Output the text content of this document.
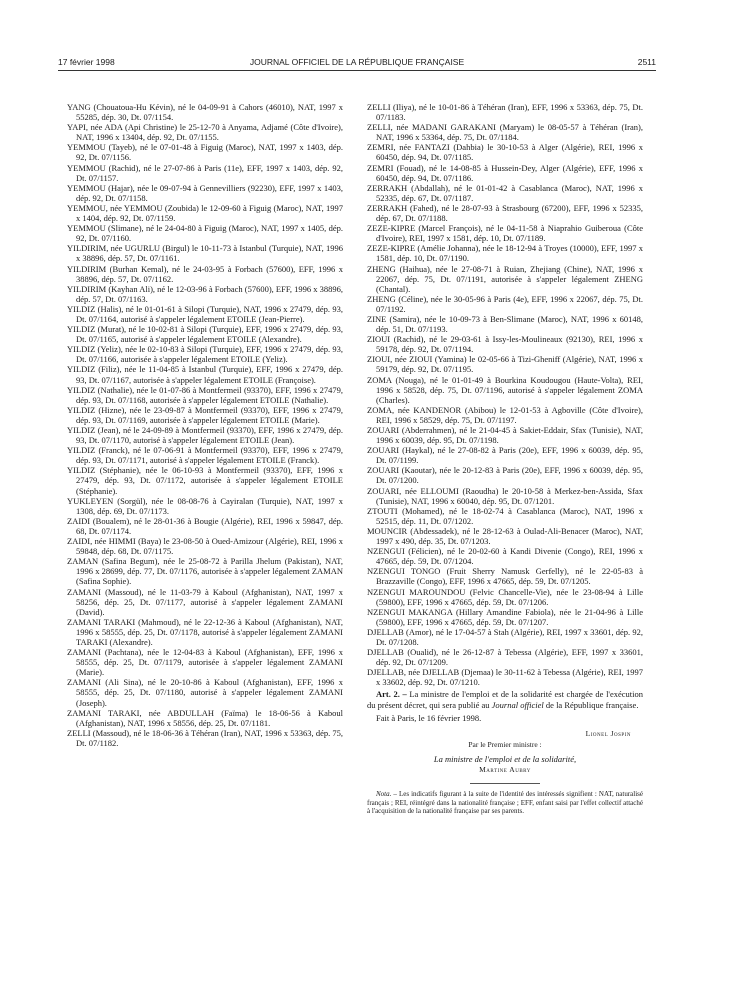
17 février 1998	JOURNAL OFFICIEL DE LA RÉPUBLIQUE FRANÇAISE	2511

YANG (Chouatoua-Hu Kévin), né le 04-09-91 à Cahors (46010), NAT, 1997 x 55285, dép. 30, Dt. 07/1154.

YAPI, née ADA (Api Christine) le 25-12-70 à Anyama, Adjamé (Côte d'Ivoire), NAT, 1996 x 13404, dép. 92, Dt. 07/1155.

YEMMOU (Tayeb), né le 07-01-48 à Figuig (Maroc), NAT, 1997 x 1403, dép. 92, Dt. 07/1156.

YEMMOU (Rachid), né le 27-07-86 à Paris (11e), EFF, 1997 x 1403, dép. 92, Dt. 07/1157.

YEMMOU (Hajar), née le 09-07-94 à Gennevilliers (92230), EFF, 1997 x 1403, dép. 92, Dt. 07/1158.

YEMMOU, née YEMMOU (Zoubida) le 12-09-60 à Figuig (Maroc), NAT, 1997 x 1404, dép. 92, Dt. 07/1159.

YEMMOU (Slimane), né le 24-04-80 à Figuig (Maroc), NAT, 1997 x 1405, dép. 92, Dt. 07/1160.

YILDIRIM, née UGURLU (Birgul) le 10-11-73 à Istanbul (Turquie), NAT, 1996 x 38896, dép. 57, Dt. 07/1161.

YILDIRIM (Burhan Kemal), né le 24-03-95 à Forbach (57600), EFF, 1996 x 38896, dép. 57, Dt. 07/1162.

YILDIRIM (Kayhan Ali), né le 12-03-96 à Forbach (57600), EFF, 1996 x 38896, dép. 57, Dt. 07/1163.

YILDIZ (Halis), né le 01-01-61 à Silopi (Turquie), NAT, 1996 x 27479, dép. 93, Dt. 07/1164, autorisé à s'appeler légalement ETOILE (Jean-Pierre).

YILDIZ (Murat), né le 10-02-81 à Silopi (Turquie), EFF, 1996 x 27479, dép. 93, Dt. 07/1165, autorisé à s'appeler légalement ETOILE (Alexandre).

YILDIZ (Yeliz), née le 02-10-83 à Silopi (Turquie), EFF, 1996 x 27479, dép. 93, Dt. 07/1166, autorisée à s'appeler légalement ETOILE (Yeliz).

YILDIZ (Filiz), née le 11-04-85 à Istanbul (Turquie), EFF, 1996 x 27479, dép. 93, Dt. 07/1167, autorisée à s'appeler légalement ETOILE (Françoise).

YILDIZ (Nathalie), née le 01-07-86 à Montfermeil (93370), EFF, 1996 x 27479, dép. 93, Dt. 07/1168, autorisée à s'appeler légalement ETOILE (Nathalie).

YILDIZ (Hizne), née le 23-09-87 à Montfermeil (93370), EFF, 1996 x 27479, dép. 93, Dt. 07/1169, autorisée à s'appeler légalement ETOILE (Marie).

YILDIZ (Jean), né le 24-09-89 à Montfermeil (93370), EFF, 1996 x 27479, dép. 93, Dt. 07/1170, autorisé à s'appeler légalement ETOILE (Jean).

YILDIZ (Franck), né le 07-06-91 à Montfermeil (93370), EFF, 1996 x 27479, dép. 93, Dt. 07/1171, autorisé à s'appeler légalement ETOILE (Franck).

YILDIZ (Stéphanie), née le 06-10-93 à Montfermeil (93370), EFF, 1996 x 27479, dép. 93, Dt. 07/1172, autorisée à s'appeler légalement ETOILE (Stéphanie).

YUKLEYEN (Sorgül), née le 08-08-76 à Cayiralan (Turquie), NAT, 1997 x 1308, dép. 69, Dt. 07/1173.

ZAIDI (Boualem), né le 28-01-36 à Bougie (Algérie), REI, 1996 x 59847, dép. 68, Dt. 07/1174.

ZAIDI, née HIMMI (Baya) le 23-08-50 à Oued-Amizour (Algérie), REI, 1996 x 59848, dép. 68, Dt. 07/1175.

ZAMAN (Safina Begum), née le 25-08-72 à Parilla Jhelum (Pakistan), NAT, 1996 x 28699, dép. 77, Dt. 07/1176, autorisée à s'appeler légalement ZAMAN (Safina Sophie).

ZAMANI (Massoud), né le 11-03-79 à Kaboul (Afghanistan), NAT, 1997 x 58256, dép. 25, Dt. 07/1177, autorisé à s'appeler légalement ZAMANI (David).

ZAMANI TARAKI (Mahmoud), né le 22-12-36 à Kaboul (Afghanistan), NAT, 1996 x 58555, dép. 25, Dt. 07/1178, autorisé à s'appeler légalement ZAMANI TARAKI (Alexandre).

ZAMANI (Pachtana), née le 12-04-83 à Kaboul (Afghanistan), EFF, 1996 x 58555, dép. 25, Dt. 07/1179, autorisée à s'appeler légalement ZAMANI (Marie).

ZAMANI (Ali Sina), né le 20-10-86 à Kaboul (Afghanistan), EFF, 1996 x 58555, dép. 25, Dt. 07/1180, autorisé à s'appeler légalement ZAMANI (Joseph).

ZAMANI TARAKI, née ABDULLAH (Faïma) le 18-06-56 à Kaboul (Afghanistan), NAT, 1996 x 58556, dép. 25, Dt. 07/1181.

ZELLI (Massoud), né le 18-06-36 à Téhéran (Iran), NAT, 1996 x 53363, dép. 75, Dt. 07/1182.

ZELLI (Iliya), né le 10-01-86 à Téhéran (Iran), EFF, 1996 x 53363, dép. 75, Dt. 07/1183.

ZELLI, née MADANI GARAKANI (Maryam) le 08-05-57 à Téhéran (Iran), NAT, 1996 x 53364, dép. 75, Dt. 07/1184.

ZEMRI, née FANTAZI (Dahbia) le 30-10-53 à Alger (Algérie), REI, 1996 x 60450, dép. 94, Dt. 07/1185.

ZEMRI (Fouad), né le 14-08-85 à Hussein-Dey, Alger (Algérie), EFF, 1996 x 60450, dép. 94, Dt. 07/1186.

ZERRAKH (Abdallah), né le 01-01-42 à Casablanca (Maroc), NAT, 1996 x 52335, dép. 67, Dt. 07/1187.

ZERRAKH (Fahed), né le 28-07-93 à Strasbourg (67200), EFF, 1996 x 52335, dép. 67, Dt. 07/1188.

ZEZE-KIPRE (Marcel François), né le 04-11-58 à Niaprahio Guiberoua (Côte d'Ivoire), REI, 1997 x 1581, dép. 10, Dt. 07/1189.

ZEZE-KIPRE (Amélie Johanna), née le 18-12-94 à Troyes (10000), EFF, 1997 x 1581, dép. 10, Dt. 07/1190.

ZHENG (Haihua), née le 27-08-71 à Ruian, Zhejiang (Chine), NAT, 1996 x 22067, dép. 75, Dt. 07/1191, autorisée à s'appeler légalement ZHENG (Chantal).

ZHENG (Céline), née le 30-05-96 à Paris (4e), EFF, 1996 x 22067, dép. 75, Dt. 07/1192.

ZINE (Samira), née le 10-09-73 à Ben-Slimane (Maroc), NAT, 1996 x 60148, dép. 51, Dt. 07/1193.

ZIOUI (Rachid), né le 29-03-61 à Issy-les-Moulineaux (92130), REI, 1996 x 59178, dép. 92, Dt. 07/1194.

ZIOUI, née ZIOUI (Yamina) le 02-05-66 à Tizi-Gheniff (Algérie), NAT, 1996 x 59179, dép. 92, Dt. 07/1195.

ZOMA (Nouga), né le 01-01-49 à Bourkina Koudougou (Haute-Volta), REI, 1996 x 58528, dép. 75, Dt. 07/1196, autorisé à s'appeler légalement ZOMA (Charles).

ZOMA, née KANDENOR (Abibou) le 12-01-53 à Agboville (Côte d'Ivoire), REI, 1996 x 58529, dép. 75, Dt. 07/1197.

ZOUARI (Abderrahmen), né le 21-04-45 à Sakiet-Eddair, Sfax (Tunisie), NAT, 1996 x 60039, dép. 95, Dt. 07/1198.

ZOUARI (Haykal), né le 27-08-82 à Paris (20e), EFF, 1996 x 60039, dép. 95, Dt. 07/1199.

ZOUARI (Kaoutar), née le 20-12-83 à Paris (20e), EFF, 1996 x 60039, dép. 95, Dt. 07/1200.

ZOUARI, née ELLOUMI (Raoudha) le 20-10-58 à Merkez-ben-Assida, Sfax (Tunisie), NAT, 1996 x 60040, dép. 95, Dt. 07/1201.

ZTOUTI (Mohamed), né le 18-02-74 à Casablanca (Maroc), NAT, 1996 x 52515, dép. 11, Dt. 07/1202.

MOUNCIR (Abdessadek), né le 28-12-63 à Oulad-Ali-Benacer (Maroc), NAT, 1997 x 490, dép. 35, Dt. 07/1203.

NZENGUI (Félicien), né le 20-02-60 à Kandi Divenie (Congo), REI, 1996 x 47665, dép. 59, Dt. 07/1204.

NZENGUI TONGO (Fruit Sherry Namusk Gerfelly), né le 22-05-83 à Brazzaville (Congo), EFF, 1996 x 47665, dép. 59, Dt. 07/1205.

NZENGUI MAROUNDOU (Felvic Chancelle-Vie), née le 23-08-94 à Lille (59800), EFF, 1996 x 47665, dép. 59, Dt. 07/1206.

NZENGUI MAKANGA (Hillary Amandine Fabiola), née le 21-04-96 à Lille (59800), EFF, 1996 x 47665, dép. 59, Dt. 07/1207.

DJELLAB (Amor), né le 17-04-57 à Stah (Algérie), REI, 1997 x 33601, dép. 92, Dt. 07/1208.

DJELLAB (Oualid), né le 26-12-87 à Tebessa (Algérie), EFF, 1997 x 33601, dép. 92, Dt. 07/1209.

DJELLAB, née DJELLAB (Djemaa) le 30-11-62 à Tebessa (Algérie), REI, 1997 x 33602, dép. 92, Dt. 07/1210.

Art. 2. – La ministre de l'emploi et de la solidarité est chargée de l'exécution du présent décret, qui sera publié au Journal officiel de la République française.

Fait à Paris, le 16 février 1998.

Lionel Jospin

Par le Premier ministre :

La ministre de l'emploi et de la solidarité,

Martine Aubry

Nota. – Les indicatifs figurant à la suite de l'identité des intéressés signifient : NAT, naturalisé français ; REI, réintégré dans la nationalité française ; EFF, enfant saisi par l'effet collectif attaché à l'acquisition de la nationalité française par ses parents.
